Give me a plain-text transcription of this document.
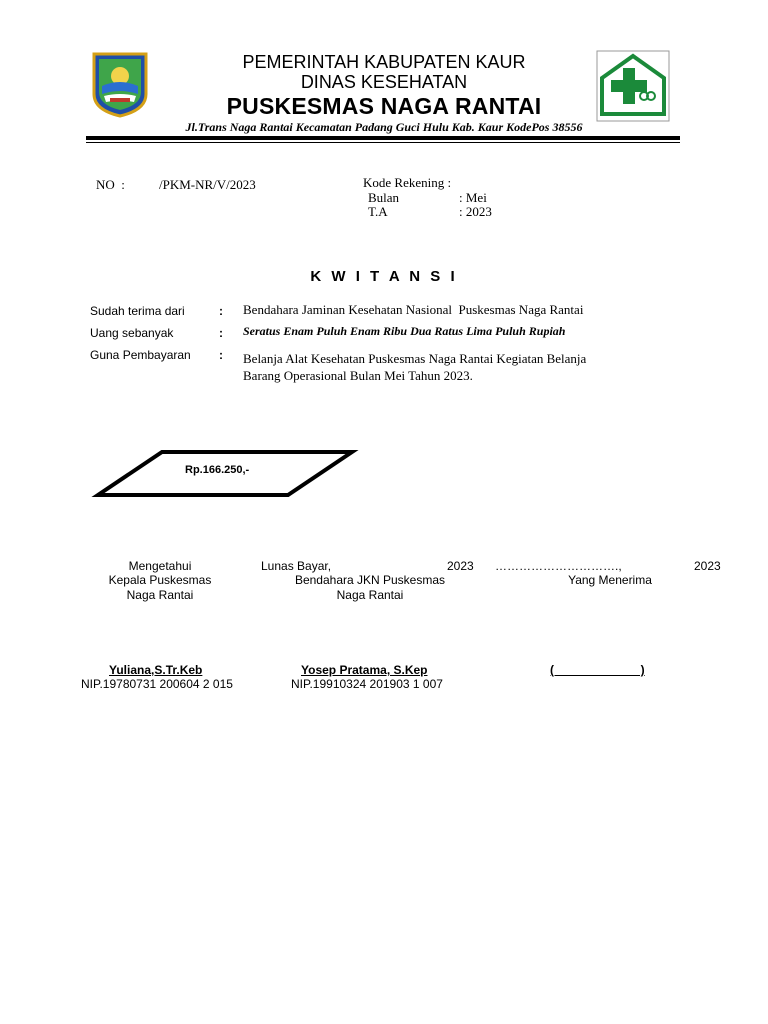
PEMERINTAH KABUPATEN KAUR
DINAS KESEHATAN
PUSKESMAS NAGA RANTAI
Jl.Trans Naga Rantai Kecamatan Padang Guci Hulu Kab. Kaur KodePos 38556
NO  :	/PKM-NR/V/2023	Kode Rekening :
Bulan	: Mei
T.A	: 2023
K W I T A N S I
Sudah terima dari	: Bendahara Jaminan Kesehatan Nasional  Puskesmas Naga Rantai
Uang sebanyak	: Seratus Enam Puluh Enam Ribu Dua Ratus Lima Puluh Rupiah
Guna Pembayaran : Belanja Alat Kesehatan Puskesmas Naga Rantai Kegiatan Belanja
Barang Operasional Bulan Mei Tahun 2023.
Rp.166.250,-
Mengetahui
Kepala Puskesmas
Naga Rantai
Yuliana,S.Tr.Keb
NIP.19780731 200604 2 015
Lunas Bayar,	2023
Bendahara JKN Puskesmas
Naga Rantai
Yosep Pratama, S.Kep
NIP.19910324 201903 1 007
………………………….,	2023
Yang Menerima
(                          )
